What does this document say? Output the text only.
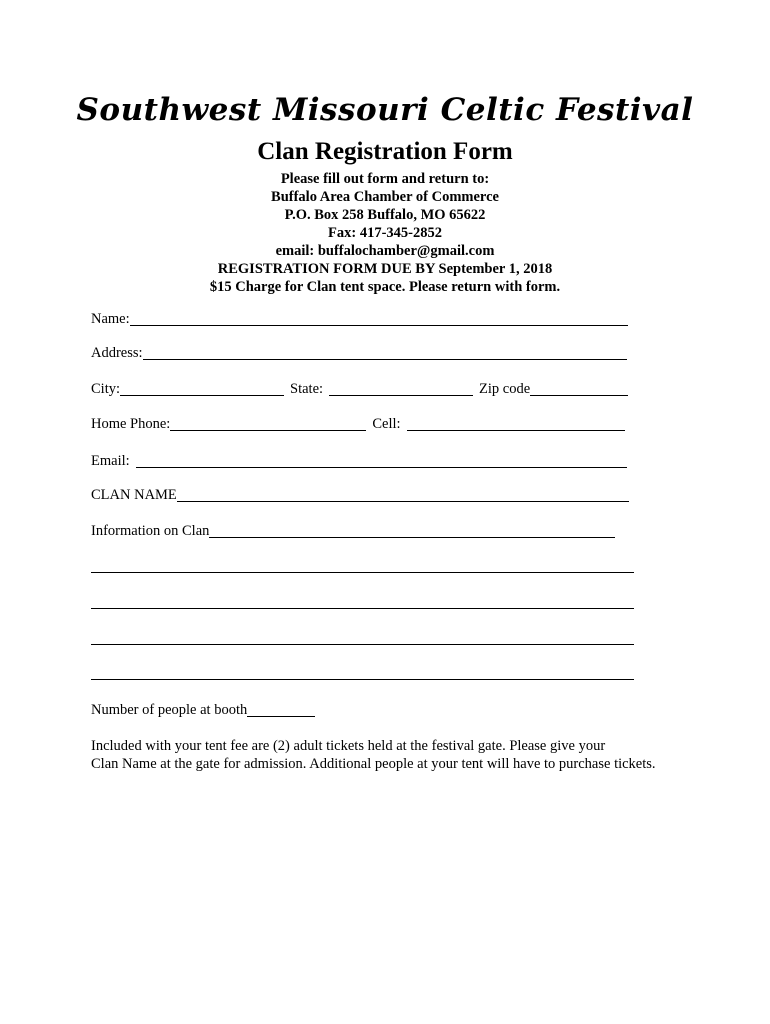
Southwest Missouri Celtic Festival
Clan Registration Form
Please fill out form and return to:
Buffalo Area Chamber of Commerce
P.O. Box 258 Buffalo, MO 65622
Fax: 417-345-2852
email: buffalochamber@gmail.com
REGISTRATION FORM DUE BY September 1, 2018
$15 Charge for Clan tent space. Please return with form.
Name:
Address:
City:	State:	Zip code
Home Phone:	Cell:
Email:
CLAN NAME
Information on Clan
Number of people at booth
Included with your tent fee are (2) adult tickets held at the festival gate. Please give your
Clan Name at the gate for admission. Additional people at your tent will have to purchase tickets.
